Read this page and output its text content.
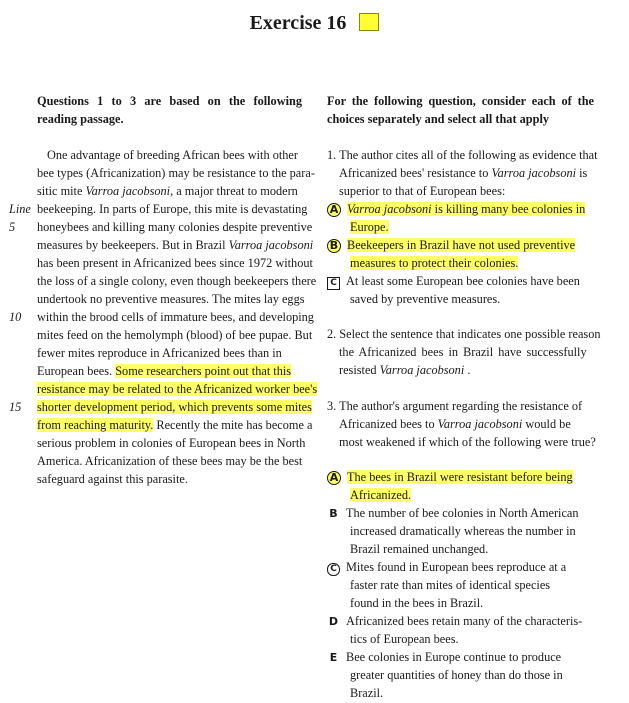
Exercise 16
Questions 1 to 3 are based on the following reading passage.
For the following question, consider each of the choices separately and select all that apply
One advantage of breeding African bees with other
bee types (Africanization) may be resistance to the para-
sitic mite Varroa jacobsoni, a major threat to modern
Line beekeeping. In parts of Europe, this mite is devastating
5 honeybees and killing many colonies despite preventive
measures by beekeepers. But in Brazil Varroa jacobsoni
has been present in Africanized bees since 1972 without
the loss of a single colony, even though beekeepers there
undertook no preventive measures. The mites lay eggs
10 within the brood cells of immature bees, and developing
mites feed on the hemolymph (blood) of bee pupae. But
fewer mites reproduce in Africanized bees than in
European bees. Some researchers point out that this
resistance may be related to the Africanized worker bee's
15 shorter development period, which prevents some mites
from reaching maturity. Recently the mite has become a
serious problem in colonies of European bees in North
America. Africanization of these bees may be the best
safeguard against this parasite.
1. The author cites all of the following as evidence that
Africanized bees' resistance to Varroa jacobsoni is
superior to that of European bees:
A Varroa jacobsoni is killing many bee colonies in
Europe.
B Beekeepers in Brazil have not used preventive
measures to protect their colonies.
C At least some European bee colonies have been
saved by preventive measures.
2. Select the sentence that indicates one possible reason
the Africanized bees in Brazil have successfully
resisted Varroa jacobsoni .
3. The author's argument regarding the resistance of
Africanized bees to Varroa jacobsoni would be
most weakened if which of the following were true?
A The bees in Brazil were resistant before being
Africanized.
B The number of bee colonies in North American
increased dramatically whereas the number in
Brazil remained unchanged.
C Mites found in European bees reproduce at a
faster rate than mites of identical species
found in the bees in Brazil.
D Africanized bees retain many of the characteris-
tics of European bees.
E Bee colonies in Europe continue to produce
greater quantities of honey than do those in
Brazil.
